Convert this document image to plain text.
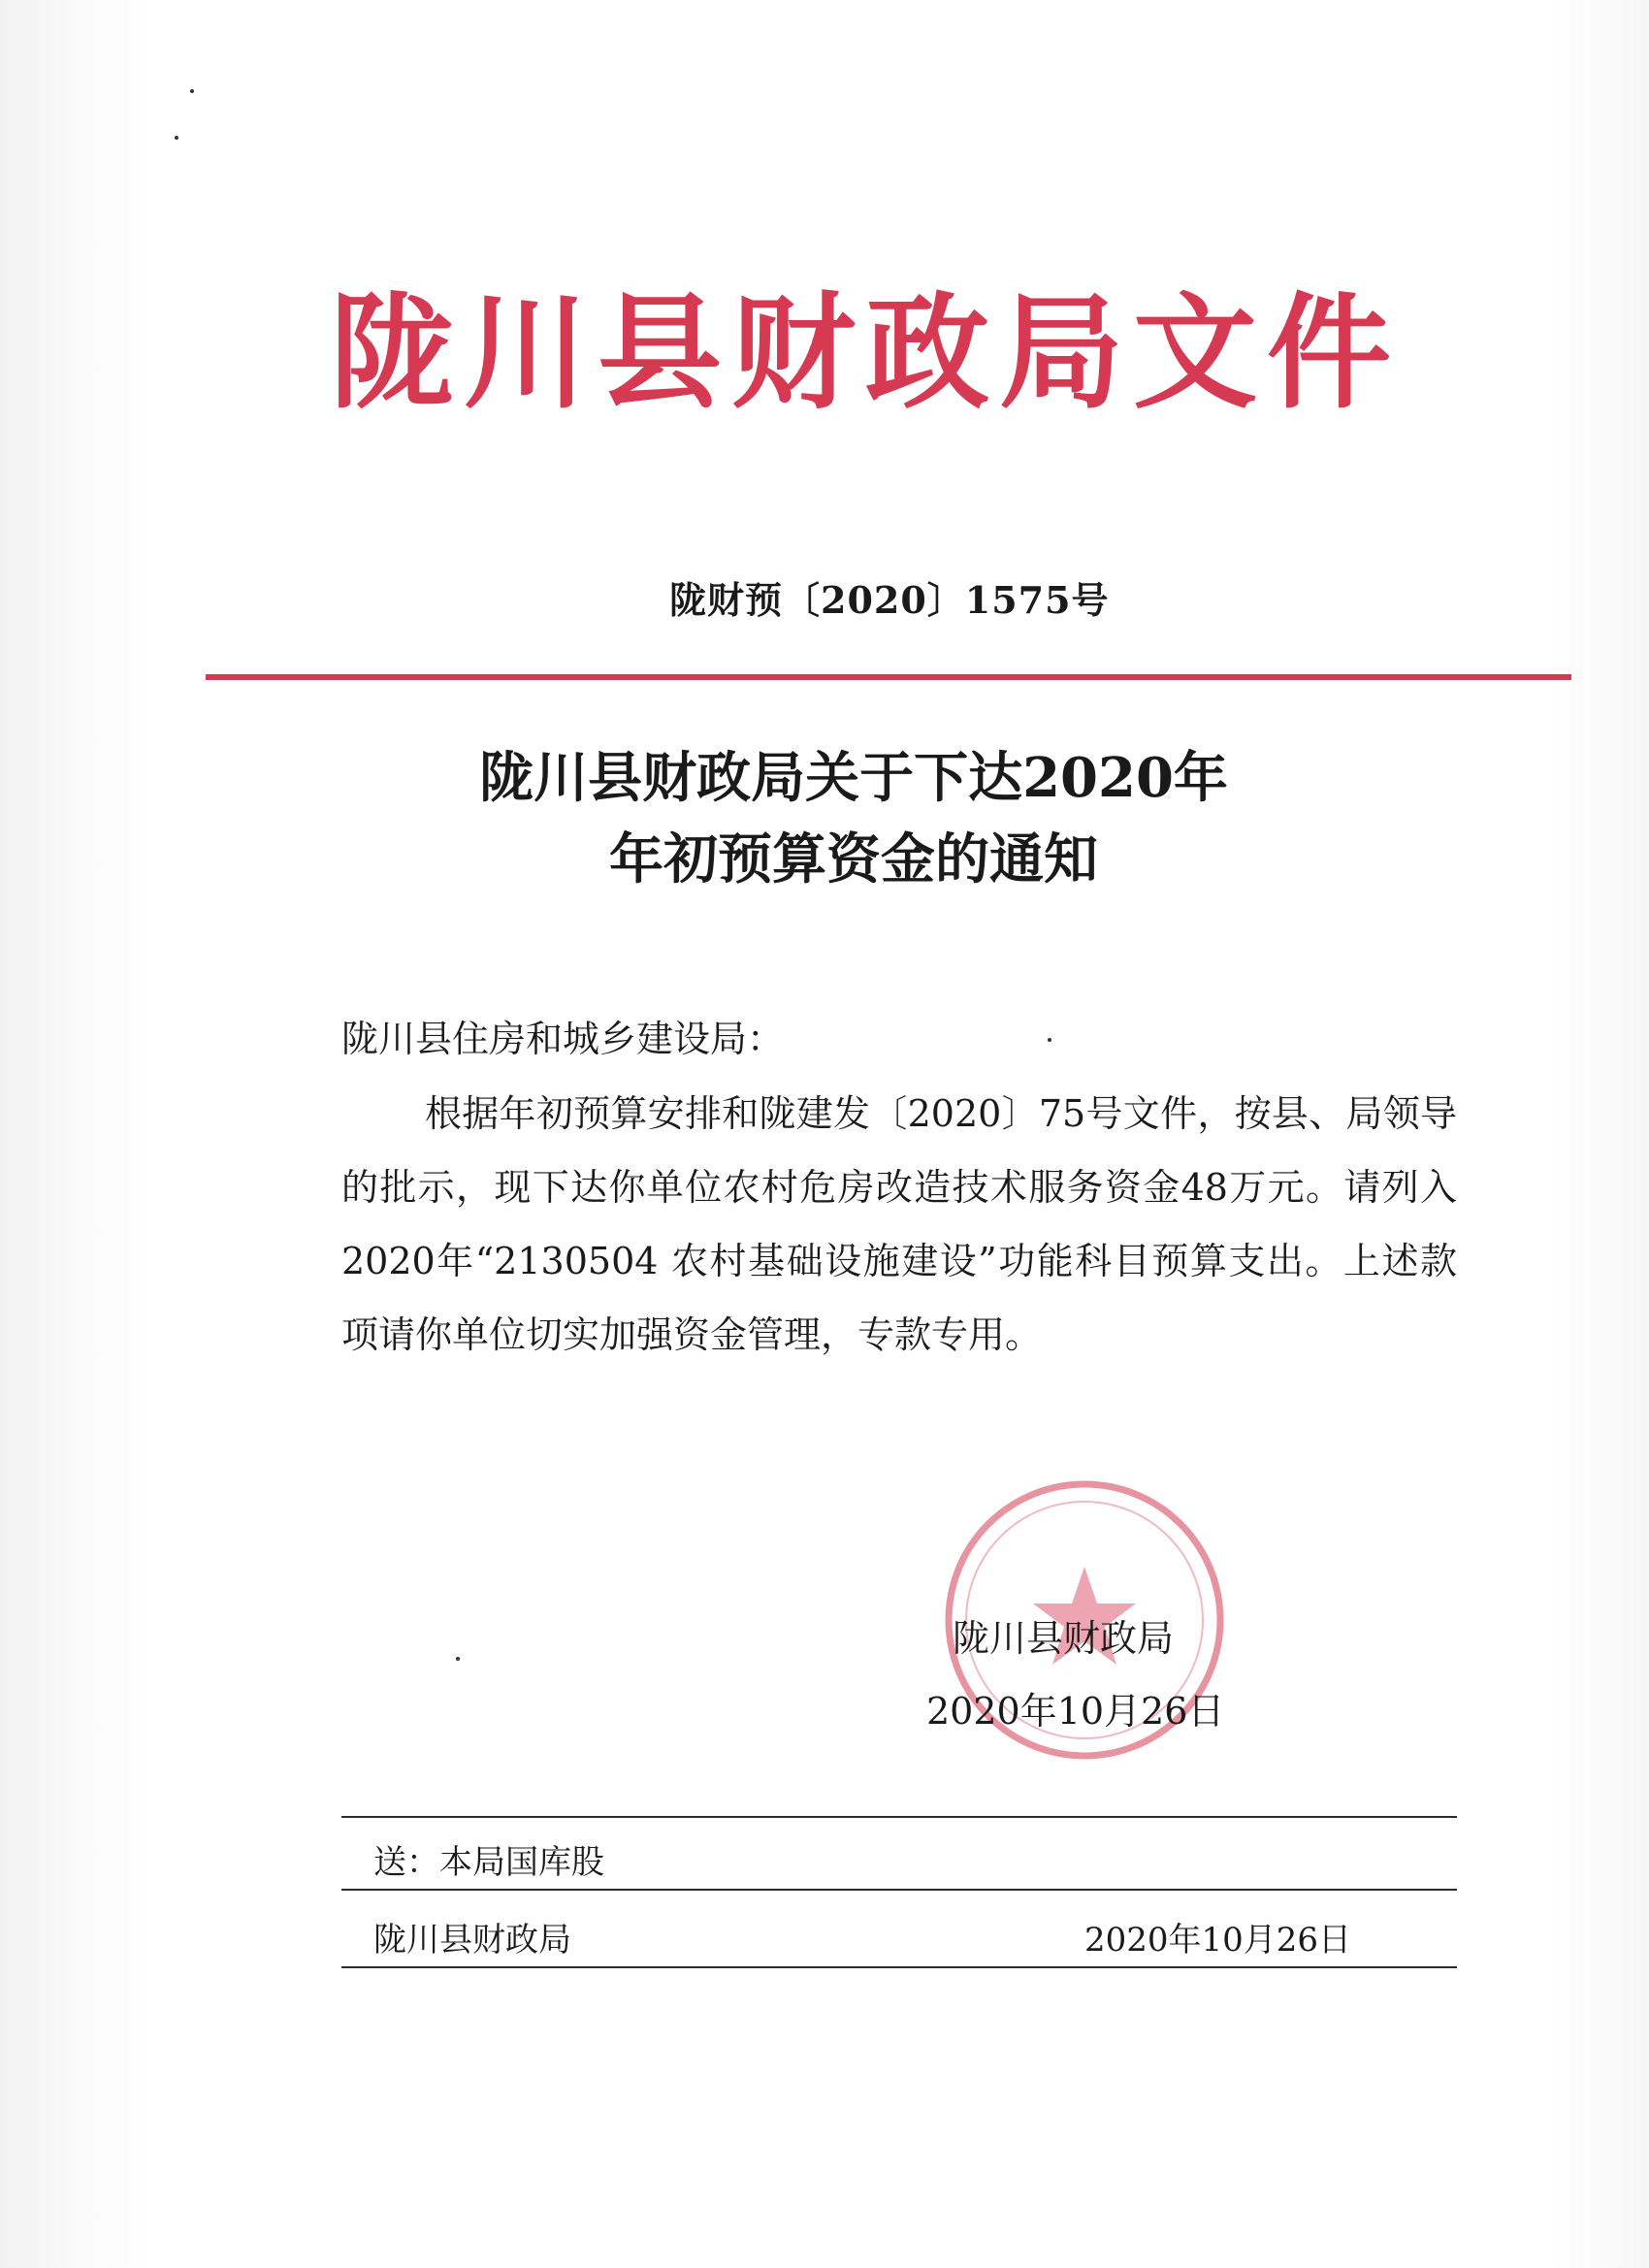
陇川县财政局文件
陇财预〔2020〕1575号
陇川县财政局关于下达2020年
年初预算资金的通知
陇川县住房和城乡建设局：
根据年初预算安排和陇建发〔2020〕75号文件，按县、局领导的批示，现下达你单位农村危房改造技术服务资金48万元。请列入2020年“2130504 农村基础设施建设”功能科目预算支出。上述款项请你单位切实加强资金管理，专款专用。
陇川县财政局
2020年10月26日
送：本局国库股
陇川县财政局	2020年10月26日
